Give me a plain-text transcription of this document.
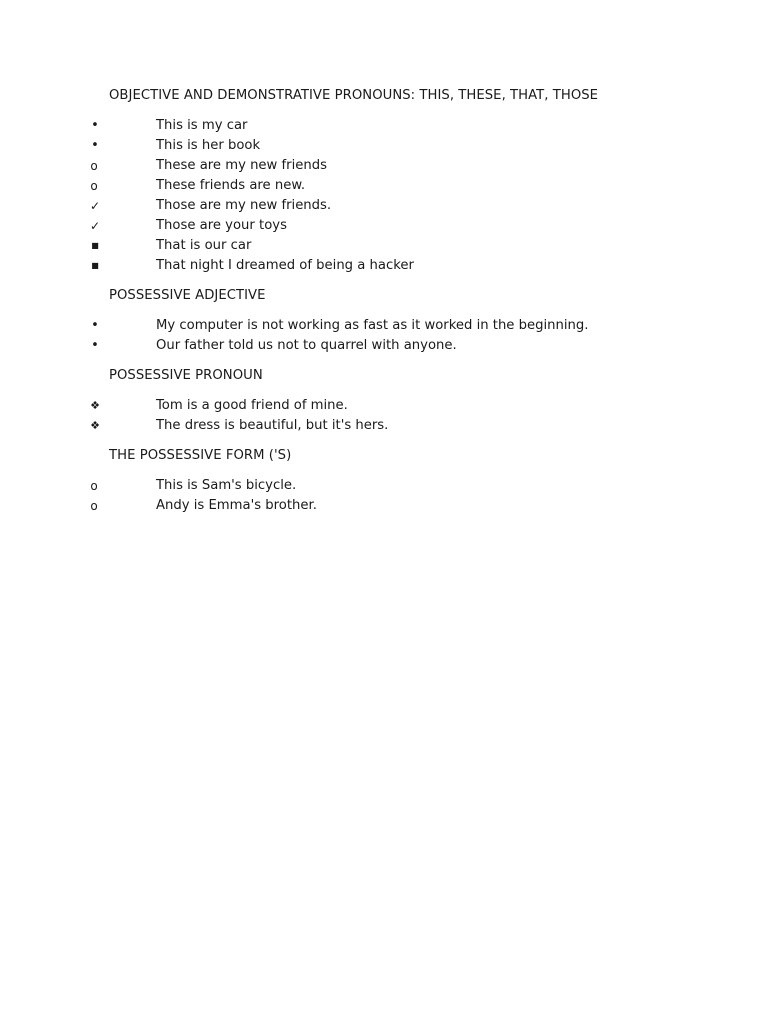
OBJECTIVE AND DEMONSTRATIVE PRONOUNS: THIS, THESE, THAT, THOSE
•	This is my car
•	This is her book
o	These are my new friends
o	These friends are new.
✓	Those are my new friends.
✓	Those are your toys
■	That is our car
■	That night I dreamed of being a hacker
POSSESSIVE ADJECTIVE
•	My computer is not working as fast as it worked in the beginning.
•	Our father told us not to quarrel with anyone.
POSSESSIVE PRONOUN
❖	Tom is a good friend of mine.
❖	The dress is beautiful, but it's hers.
THE POSSESSIVE FORM ('S)
o	This is Sam's bicycle.
o	Andy is Emma's brother.
